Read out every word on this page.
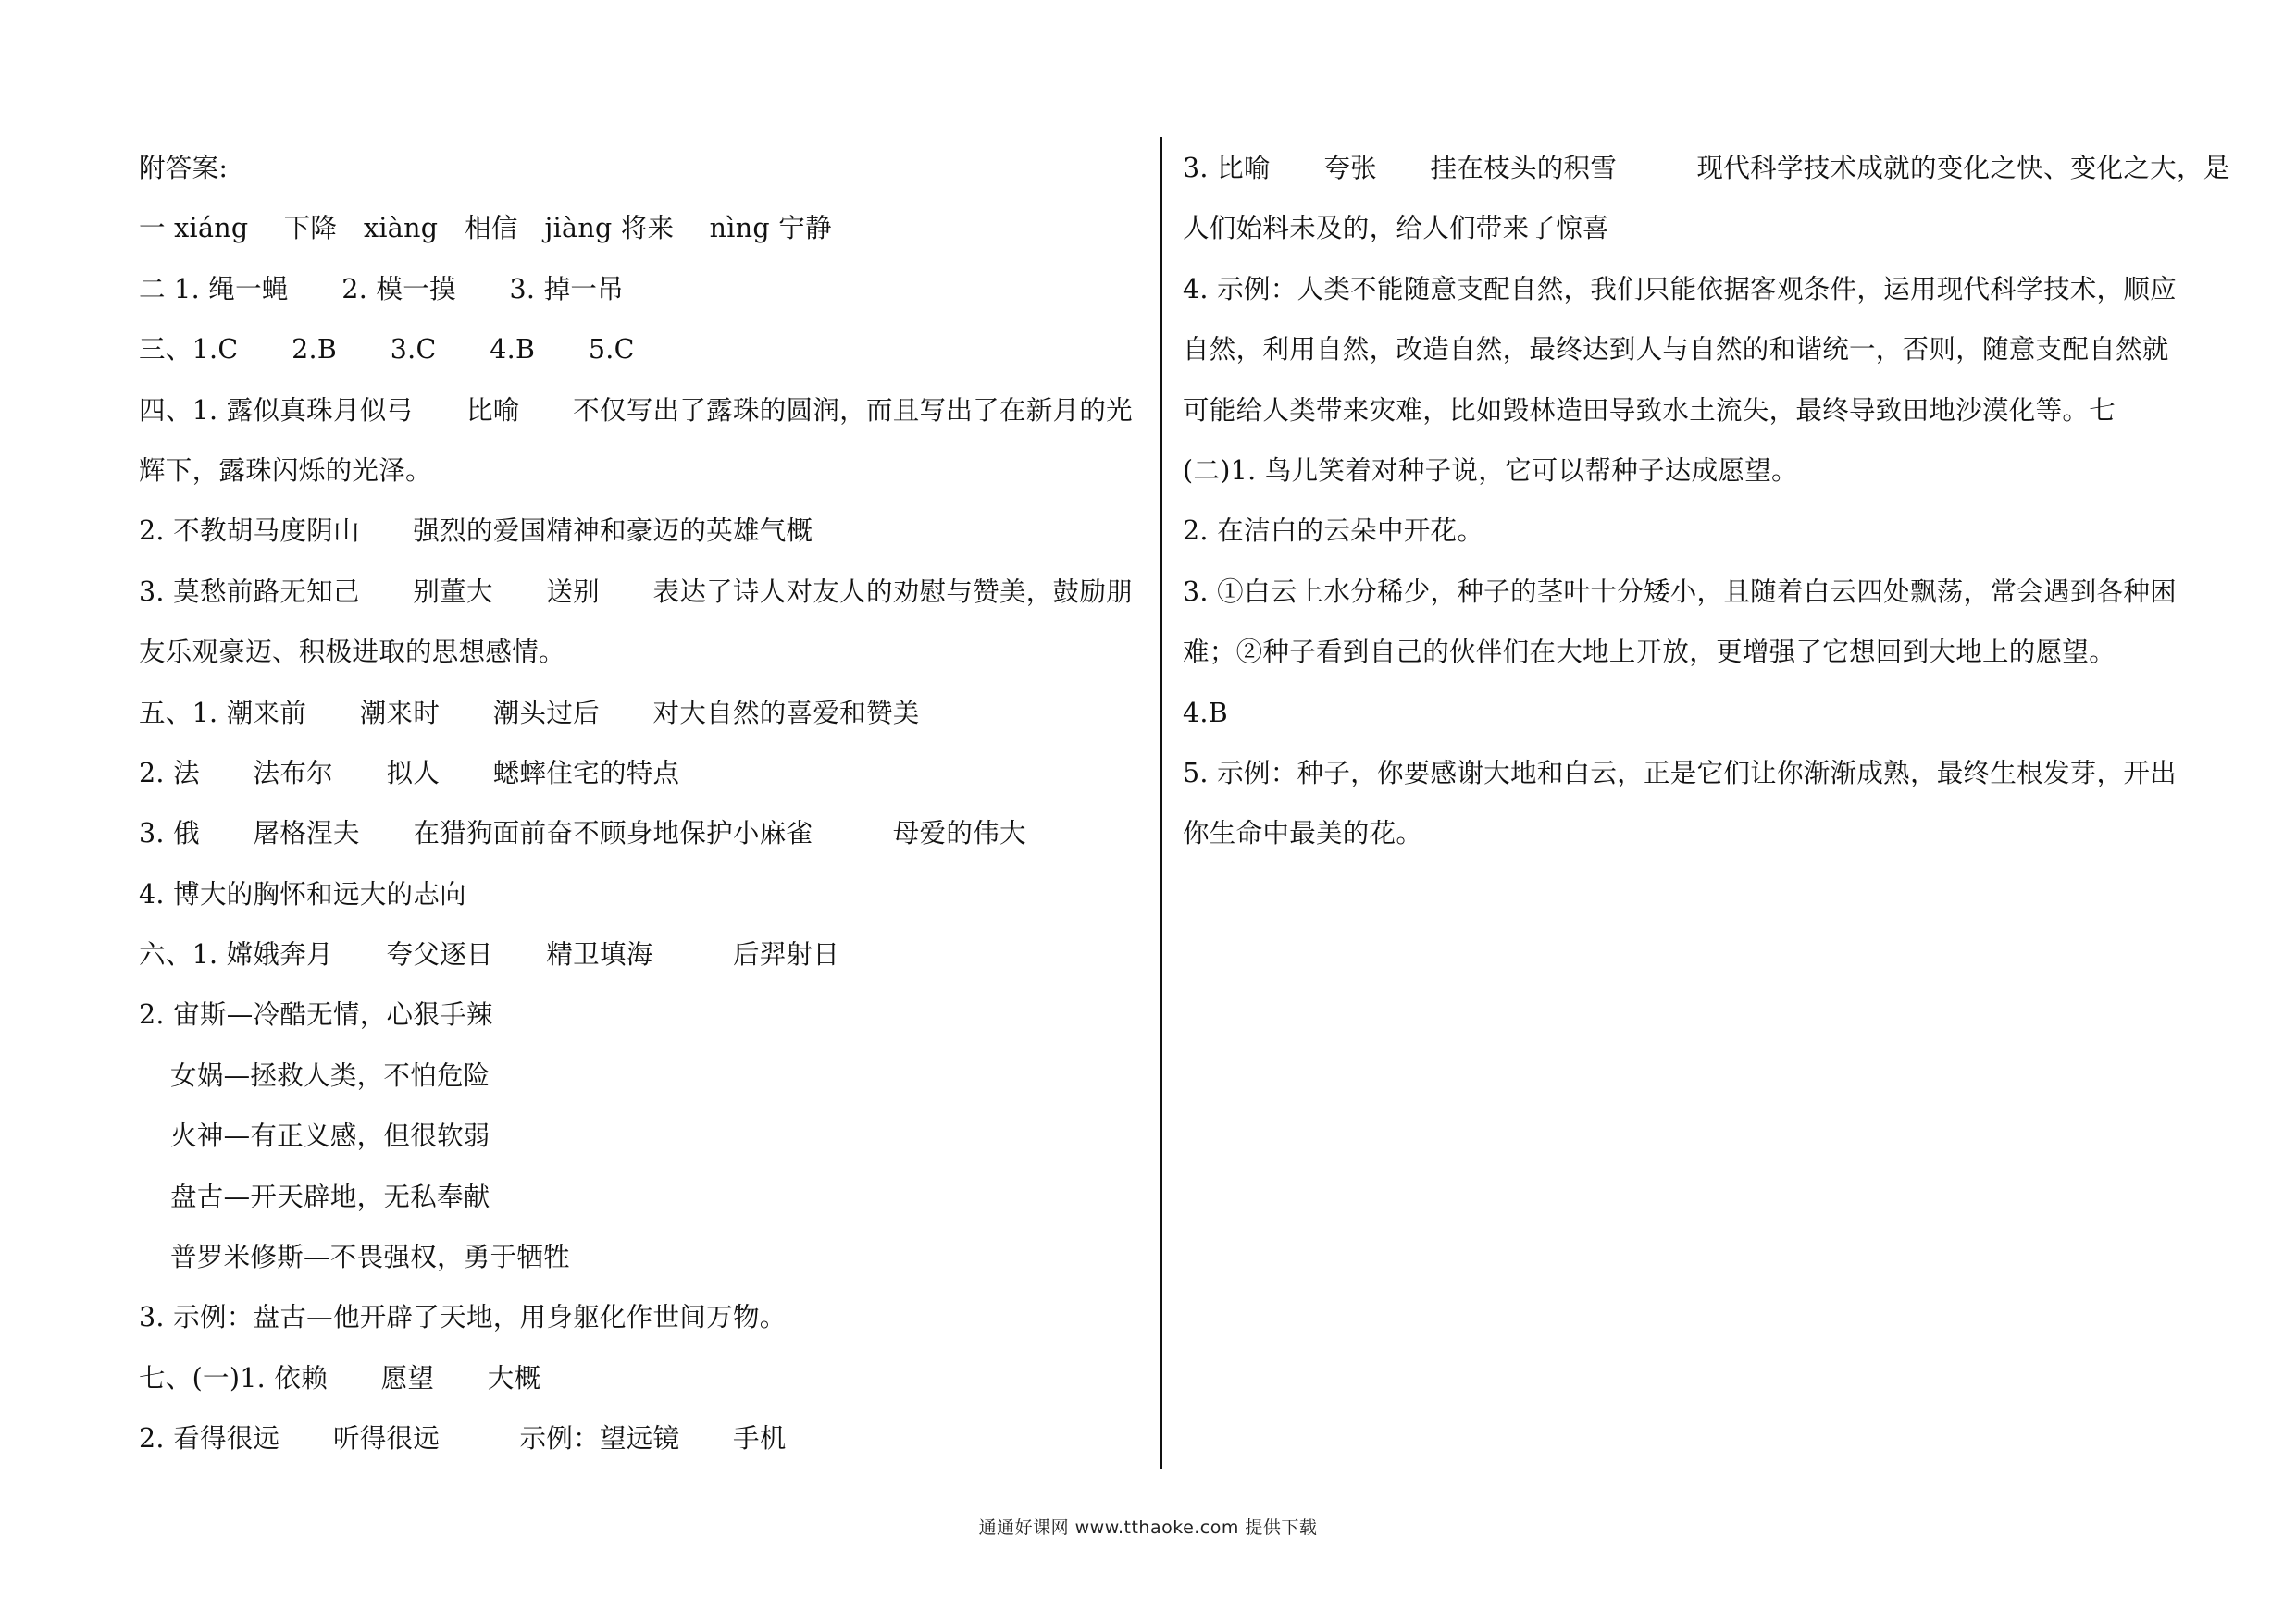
附答案:
一 xiáng　 下降　xiàng　相信　jiàng 将来　 nìng 宁静
二 1. 绳一蝇　　2. 模一摸　　3. 掉一吊
三、1.C　　2.B　　3.C　　4.B　　5.C
四、1. 露似真珠月似弓　　比喻　　不仅写出了露珠的圆润，而且写出了在新月的光
辉下，露珠闪烁的光泽。
2. 不教胡马度阴山　　强烈的爱国精神和豪迈的英雄气概
3. 莫愁前路无知己　　别董大　　送别　　表达了诗人对友人的劝慰与赞美，鼓励朋
友乐观豪迈、积极进取的思想感情。
五、1. 潮来前　　潮来时　　潮头过后　　对大自然的喜爱和赞美
2. 法　　法布尔　　拟人　　蟋蟀住宅的特点
3. 俄　　屠格涅夫　　在猎狗面前奋不顾身地保护小麻雀　　　母爱的伟大
4. 博大的胸怀和远大的志向
六、1. 嫦娥奔月　　夸父逐日　　精卫填海　　　后羿射日
2. 宙斯—冷酷无情，心狠手辣
女娲—拯救人类，不怕危险
火神—有正义感，但很软弱
盘古—开天辟地，无私奉献
普罗米修斯—不畏强权，勇于牺牲
3. 示例：盘古—他开辟了天地，用身躯化作世间万物。
七、(一)1. 依赖　　愿望　　大概
2. 看得很远　　听得很远　　　示例：望远镜　　手机
3. 比喻　　夸张　　挂在枝头的积雪　　　现代科学技术成就的变化之快、变化之大，是
人们始料未及的，给人们带来了惊喜
4. 示例：人类不能随意支配自然，我们只能依据客观条件，运用现代科学技术，顺应
自然，利用自然，改造自然，最终达到人与自然的和谐统一，否则，随意支配自然就
可能给人类带来灾难，比如毁林造田导致水土流失，最终导致田地沙漠化等。七
(二)1. 鸟儿笑着对种子说，它可以帮种子达成愿望。
2. 在洁白的云朵中开花。
3. ①白云上水分稀少，种子的茎叶十分矮小，且随着白云四处飘荡，常会遇到各种困
难；②种子看到自己的伙伴们在大地上开放，更增强了它想回到大地上的愿望。
4.B
5. 示例：种子，你要感谢大地和白云，正是它们让你渐渐成熟，最终生根发芽，开出
你生命中最美的花。
通通好课网 www.tthaoke.com 提供下载
